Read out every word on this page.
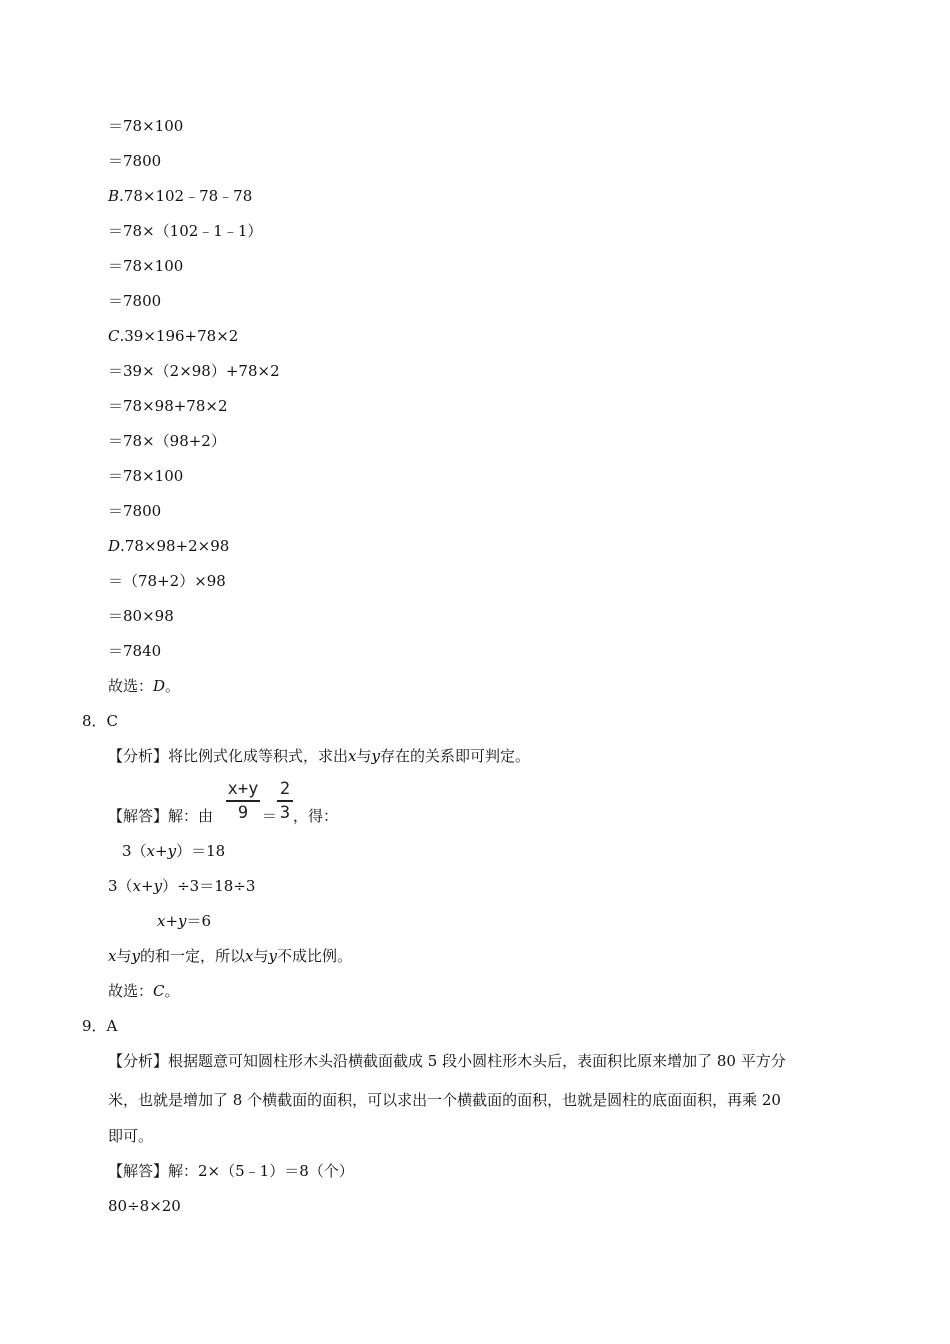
＝78×100
＝7800
B.78×102﹣78﹣78
＝78×（102﹣1﹣1）
＝78×100
＝7800
C.39×196+78×2
＝39×（2×98）+78×2
＝78×98+78×2
＝78×（98+2）
＝78×100
＝7800
D.78×98+2×98
＝（78+2）×98
＝80×98
＝7840
故选：D。
8．C
【分析】将比例式化成等积式，求出x与y存在的关系即可判定。
【解答】解：由
x+y
9 ＝
2
3 ，得：
3（x+y）＝18
3（x+y）÷3＝18÷3
x+y＝6
x与y的和一定，所以x与y不成比例。
故选：C。
9．A
【分析】根据题意可知圆柱形木头沿横截面截成 5 段小圆柱形木头后，表面积比原来增加了 80 平方分
米，也就是增加了 8 个横截面的面积，可以求出一个横截面的面积，也就是圆柱的底面面积，再乘 20
即可。
【解答】解：2×（5﹣1）＝8（个）
80÷8×20
